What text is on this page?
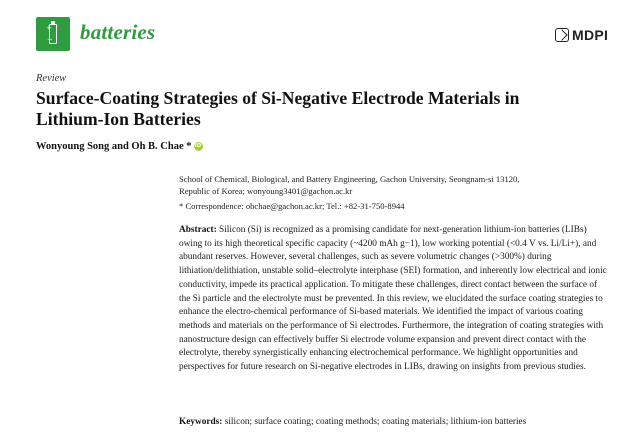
+
− batteries	MDPI
Review
Surface-Coating Strategies of Si-Negative Electrode Materials in
Lithium-Ion Batteries
Wonyoung Song and Oh B. Chae * iD
School of Chemical, Biological, and Battery Engineering, Gachon University, Seongnam-si 13120,
Republic of Korea; wonyoung3401@gachon.ac.kr
* Correspondence: obchae@gachon.ac.kr; Tel.: +82-31-750-8944
Abstract: Silicon (Si) is recognized as a promising candidate for next-generation lithium-ion batteries (LIBs) owing to its high theoretical specific capacity (~4200 mAh g−1), low working potential (<0.4 V vs. Li/Li+), and abundant reserves. However, several challenges, such as severe volumetric changes (>300%) during lithiation/delithiation, unstable solid–electrolyte interphase (SEI) formation, and inherently low electrical and ionic conductivity, impede its practical application. To mitigate these challenges, direct contact between the surface of the Si particle and the electrolyte must be prevented. In this review, we elucidated the surface coating strategies to enhance the electro-chemical performance of Si-based materials. We identified the impact of various coating methods and materials on the performance of Si electrodes. Furthermore, the integration of coating strategies with nanostructure design can effectively buffer Si electrode volume expansion and prevent direct contact with the electrolyte, thereby synergistically enhancing electrochemical performance. We highlight opportunities and perspectives for future research on Si-negative electrodes in LIBs, drawing on insights from previous studies.
Keywords: silicon; surface coating; coating methods; coating materials; lithium-ion batteries
